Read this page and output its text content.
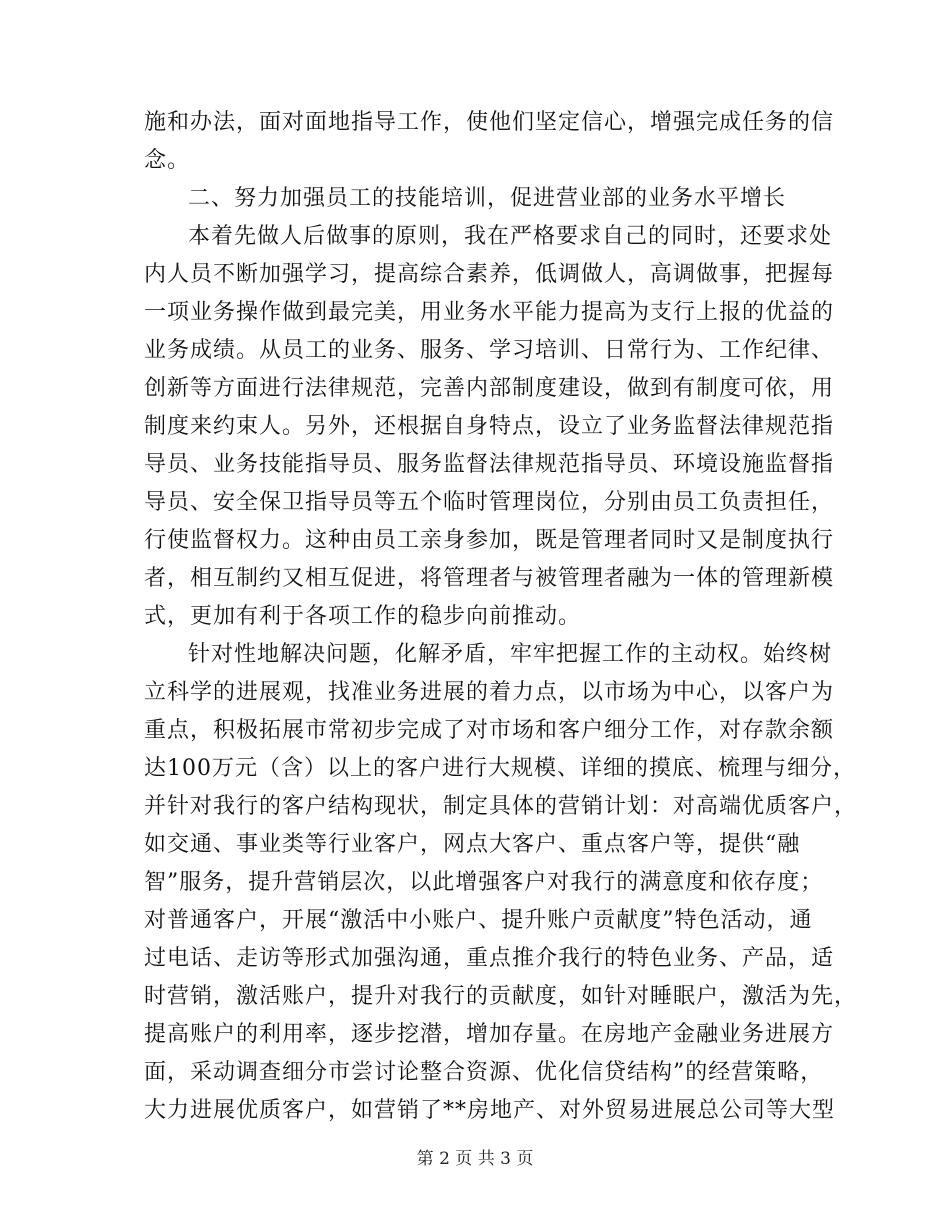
施和办法，面对面地指导工作，使他们坚定信心，增强完成任务的信
念。
二、努力加强员工的技能培训，促进营业部的业务水平增长
本着先做人后做事的原则，我在严格要求自己的同时，还要求处
内人员不断加强学习，提高综合素养，低调做人，高调做事，把握每
一项业务操作做到最完美，用业务水平能力提高为支行上报的优益的
业务成绩。从员工的业务、服务、学习培训、日常行为、工作纪律、
创新等方面进行法律规范，完善内部制度建设，做到有制度可依，用
制度来约束人。另外，还根据自身特点，设立了业务监督法律规范指
导员、业务技能指导员、服务监督法律规范指导员、环境设施监督指
导员、安全保卫指导员等五个临时管理岗位，分别由员工负责担任，
行使监督权力。这种由员工亲身参加，既是管理者同时又是制度执行
者，相互制约又相互促进，将管理者与被管理者融为一体的管理新模
式，更加有利于各项工作的稳步向前推动。
针对性地解决问题，化解矛盾，牢牢把握工作的主动权。始终树
立科学的进展观，找准业务进展的着力点，以市场为中心，以客户为
重点，积极拓展市常初步完成了对市场和客户细分工作，对存款余额
达100万元（含）以上的客户进行大规模、详细的摸底、梳理与细分，
并针对我行的客户结构现状，制定具体的营销计划：对高端优质客户，
如交通、事业类等行业客户，网点大客户、重点客户等，提供“融
智”服务，提升营销层次，以此增强客户对我行的满意度和依存度；
对普通客户，开展“激活中小账户、提升账户贡献度”特色活动，通
过电话、走访等形式加强沟通，重点推介我行的特色业务、产品，适
时营销，激活账户，提升对我行的贡献度，如针对睡眠户，激活为先，
提高账户的利用率，逐步挖潜，增加存量。在房地产金融业务进展方
面，采动调查细分市尝讨论整合资源、优化信贷结构”的经营策略，
第 2 页 共 3 页
大力进展优质客户，如营销了**房地产、对外贸易进展总公司等大型
